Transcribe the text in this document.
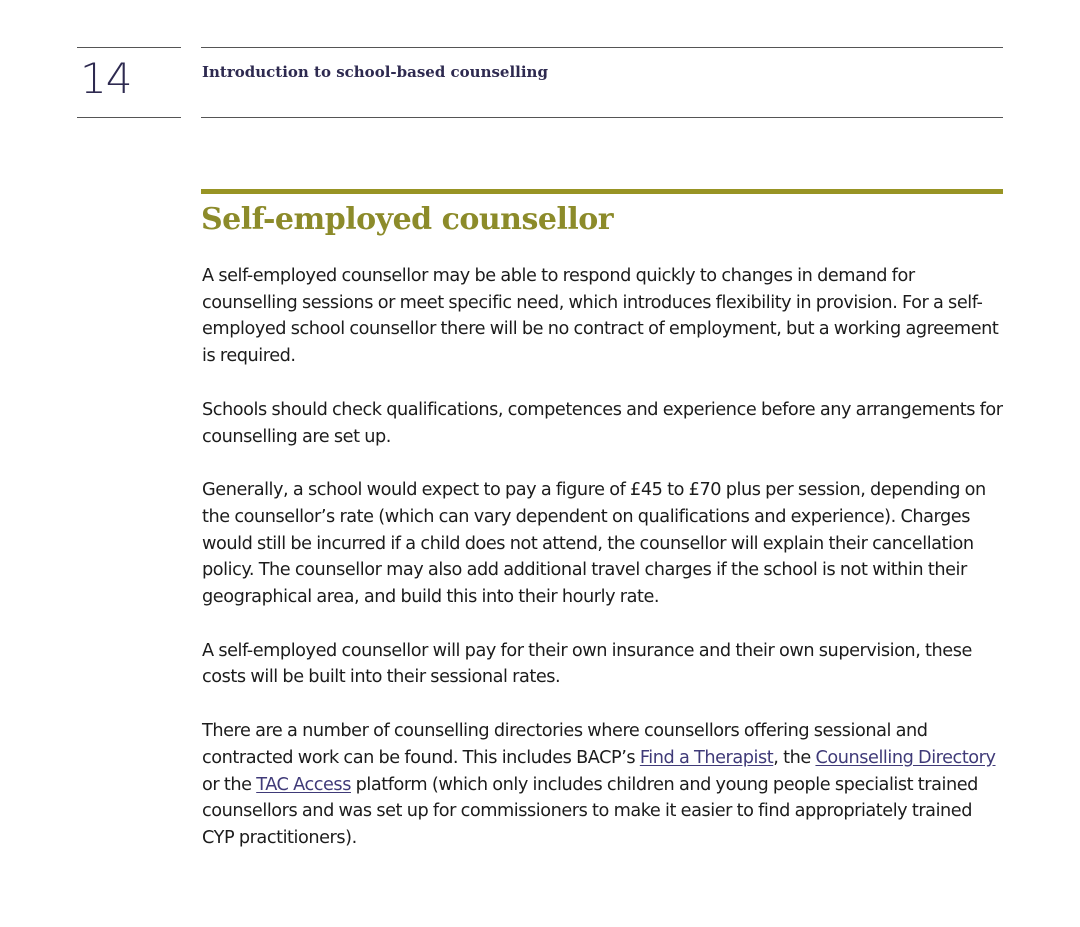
14	Introduction to school-based counselling
Self-employed counsellor

A self-employed counsellor may be able to respond quickly to changes in demand for counselling sessions or meet specific need, which introduces flexibility in provision. For a self-employed school counsellor there will be no contract of employment, but a working agreement is required.

Schools should check qualifications, competences and experience before any arrangements for counselling are set up.

Generally, a school would expect to pay a figure of £45 to £70 plus per session, depending on the counsellor’s rate (which can vary dependent on qualifications and experience). Charges would still be incurred if a child does not attend, the counsellor will explain their cancellation policy. The counsellor may also add additional travel charges if the school is not within their geographical area, and build this into their hourly rate.

A self-employed counsellor will pay for their own insurance and their own supervision, these costs will be built into their sessional rates.

There are a number of counselling directories where counsellors offering sessional and contracted work can be found. This includes BACP’s Find a Therapist, the Counselling Directory or the TAC Access platform (which only includes children and young people specialist trained counsellors and was set up for commissioners to make it easier to find appropriately trained CYP practitioners).
